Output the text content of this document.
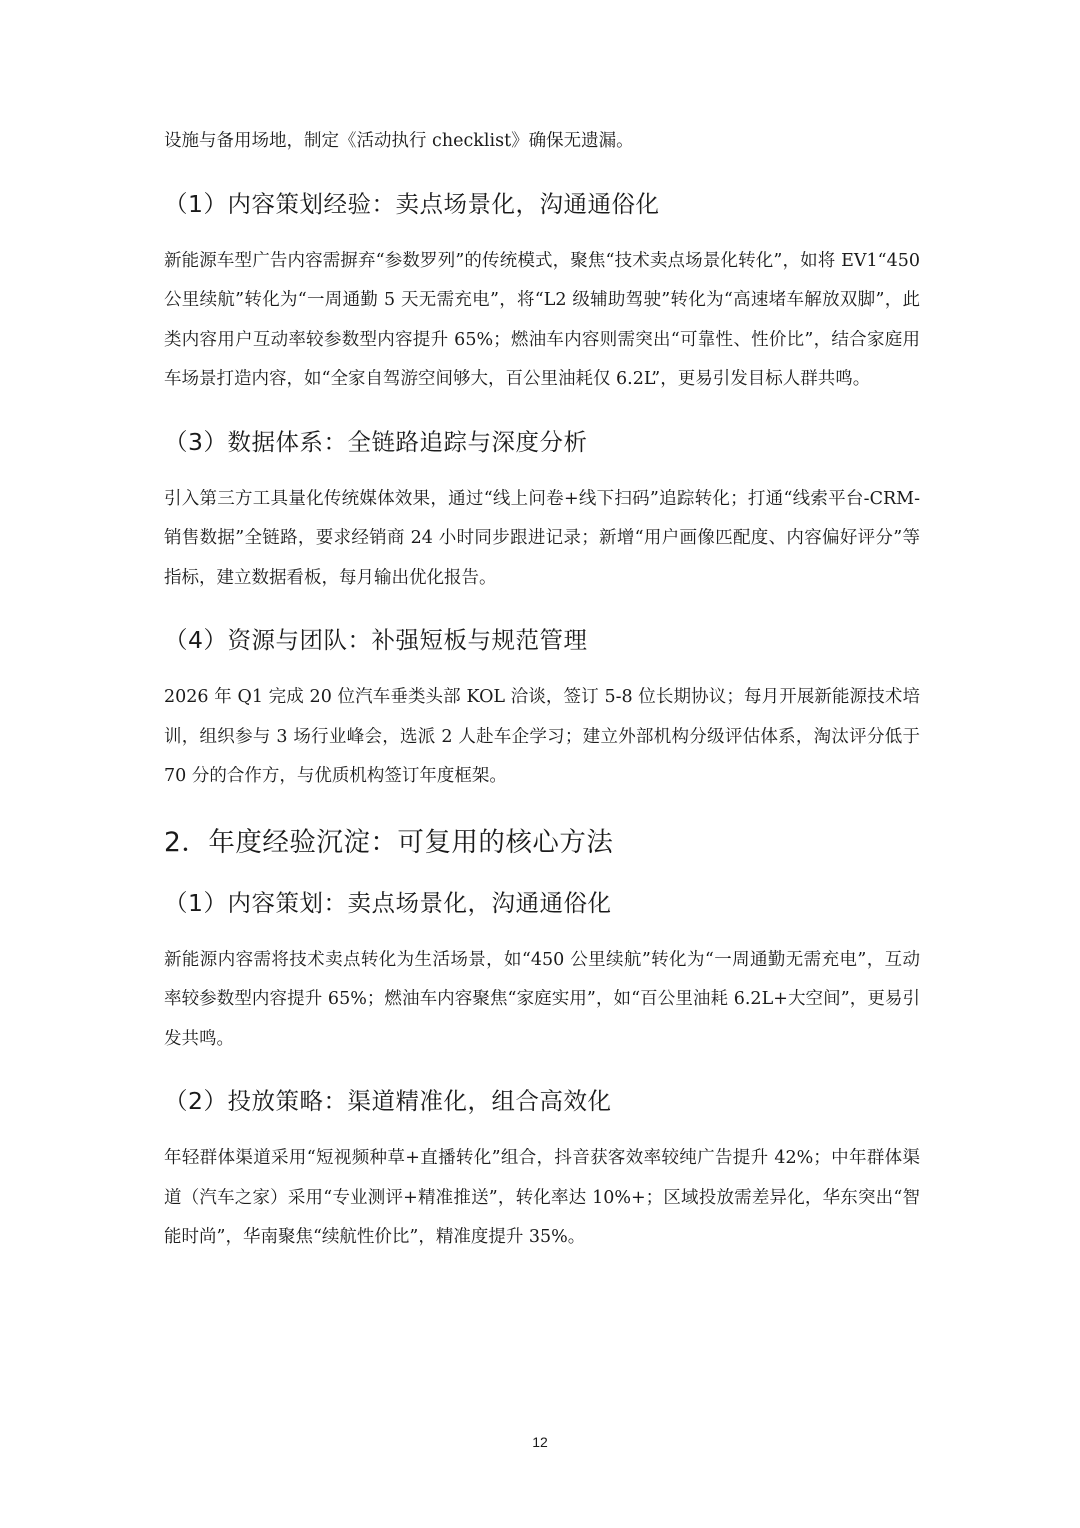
设施与备用场地，制定《活动执行 checklist》确保无遗漏。

（1）内容策划经验：卖点场景化，沟通通俗化

新能源车型广告内容需摒弃“参数罗列”的传统模式，聚焦“技术卖点场景化转化”，如将 EV1“450 公里续航”转化为“一周通勤 5 天无需充电”，将“L2 级辅助驾驶”转化为“高速堵车解放双脚”，此类内容用户互动率较参数型内容提升 65%；燃油车内容则需突出“可靠性、性价比”，结合家庭用车场景打造内容，如“全家自驾游空间够大，百公里油耗仅 6.2L”，更易引发目标人群共鸣。

（3）数据体系：全链路追踪与深度分析

引入第三方工具量化传统媒体效果，通过“线上问卷+线下扫码”追踪转化；打通“线索平台-CRM-销售数据”全链路，要求经销商 24 小时同步跟进记录；新增“用户画像匹配度、内容偏好评分”等指标，建立数据看板，每月输出优化报告。

（4）资源与团队：补强短板与规范管理

2026 年 Q1 完成 20 位汽车垂类头部 KOL 洽谈，签订 5-8 位长期协议；每月开展新能源技术培训，组织参与 3 场行业峰会，选派 2 人赴车企学习；建立外部机构分级评估体系，淘汰评分低于 70 分的合作方，与优质机构签订年度框架。

2．年度经验沉淀：可复用的核心方法
（1）内容策划：卖点场景化，沟通通俗化

新能源内容需将技术卖点转化为生活场景，如“450 公里续航”转化为“一周通勤无需充电”，互动率较参数型内容提升 65%；燃油车内容聚焦“家庭实用”，如“百公里油耗 6.2L+大空间”，更易引发共鸣。

（2）投放策略：渠道精准化，组合高效化

年轻群体渠道采用“短视频种草+直播转化”组合，抖音获客效率较纯广告提升 42%；中年群体渠道（汽车之家）采用“专业测评+精准推送”，转化率达 10%+；区域投放需差异化，华东突出“智能时尚”，华南聚焦“续航性价比”，精准度提升 35%。

12
